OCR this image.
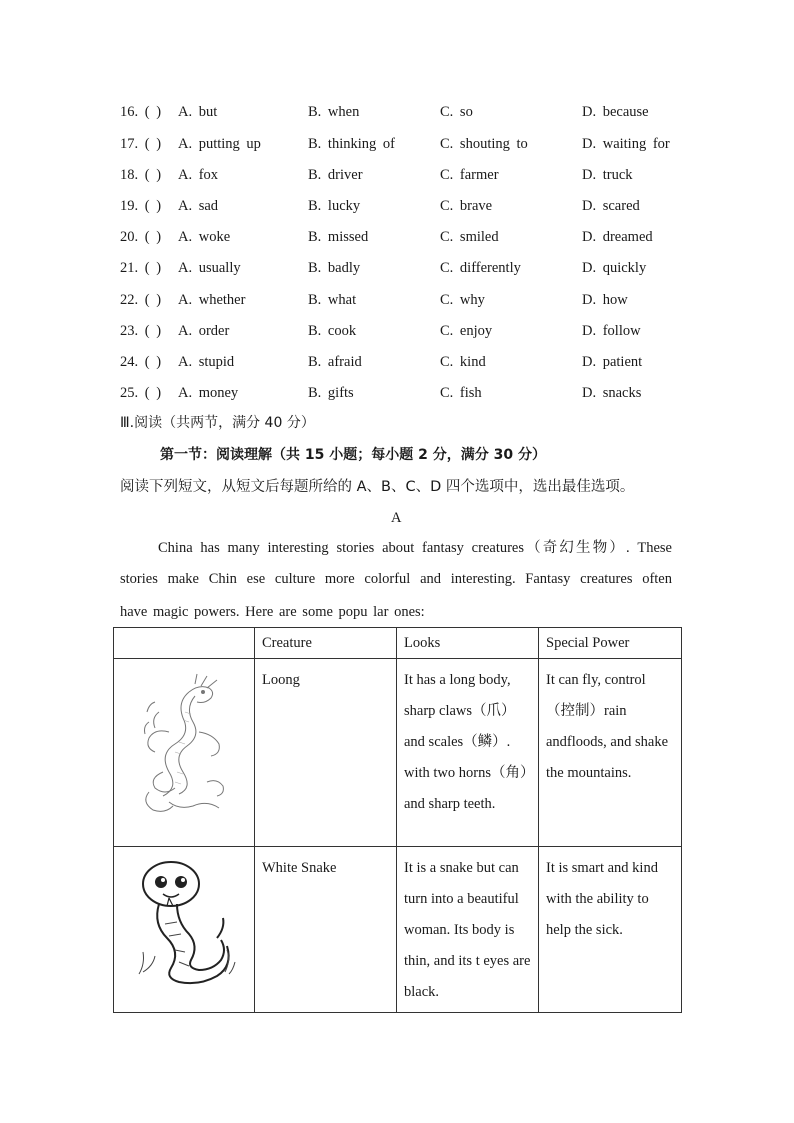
16. ( ) A. but	B. when	C. so	D. because
17. ( ) A. putting up	B. thinking of	C. shouting to	D. waiting for
18. ( ) A. fox	B. driver	C. farmer	D. truck
19. ( ) A. sad	B. lucky	C. brave	D. scared
20. ( ) A. woke	B. missed	C. smiled	D. dreamed
21. ( ) A. usually	B. badly	C. differently	D. quickly
22. ( ) A. whether	B. what	C. why	D. how
23. ( ) A. order	B. cook	C. enjoy	D. follow
24. ( ) A. stupid	B. afraid	C. kind	D. patient
25. ( ) A. money	B. gifts	C. fish	D. snacks
Ⅲ.阅读（共两节，满分 40 分）
第一节：阅读理解（共 15 小题；每小题 2 分，满分 30 分）
阅读下列短文，从短文后每题所给的 A、B、C、D 四个选项中，选出最佳选项。
A
China has many interesting stories about fantasy creatures（奇幻生物）. These
stories make Chin ese culture more colorful and interesting. Fantasy creatures often
have magic powers. Here are some popu lar ones:
	Creature	Looks	Special Power
	Loong	It has a long body, sharp claws（爪）and scales（鳞）. with two horns（角）and sharp teeth.	It can fly, control（控制）rain andfloods, and shake the mountains.
	White Snake	It is a snake but can turn into a beautiful woman. Its body is thin, and its t eyes are black.	It is smart and kind with the ability to help the sick.
